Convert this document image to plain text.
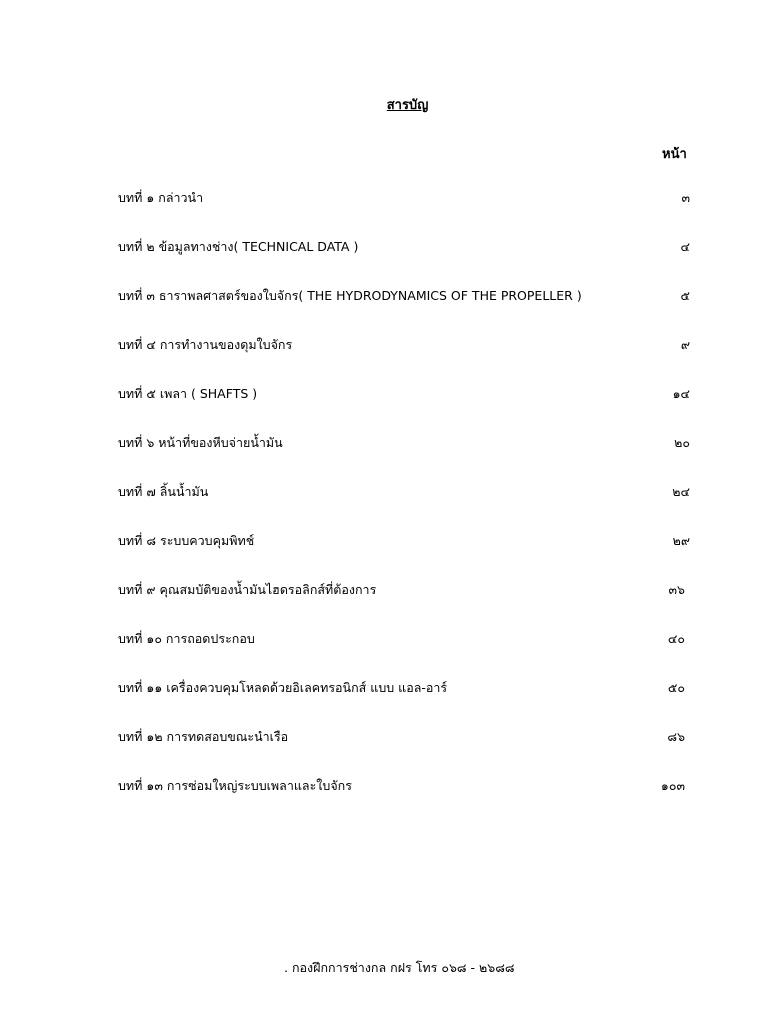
สารบัญ
หน้า
บทที่ ๑ กล่าวนำ	๓
บทที่ ๒ ข้อมูลทางช่าง( TECHNICAL DATA )	๔
บทที่ ๓ ธาราพลศาสตร์ของใบจักร( THE HYDRODYNAMICS OF THE PROPELLER )	๕
บทที่ ๔ การทำงานของดุมใบจักร	๙
บทที่ ๕ เพลา ( SHAFTS )	๑๔
บทที่ ๖ หน้าที่ของหีบจ่ายน้ำมัน	๒๐
บทที่ ๗ ลิ้นน้ำมัน	๒๔
บทที่ ๘ ระบบควบคุมพิทช์	๒๙
บทที่ ๙ คุณสมบัติของน้ำมันไฮดรอลิกส์ที่ต้องการ	๓๖
บทที่ ๑๐ การถอดประกอบ	๔๐
บทที่ ๑๑ เครื่องควบคุมโหลดด้วยอิเลคทรอนิกส์ แบบ แอล-อาร์	๕๐
บทที่ ๑๒ การทดสอบขณะนำเรือ	๘๖
บทที่ ๑๓ การซ่อมใหญ่ระบบเพลาและใบจักร	๑๐๓
. กองฝึกการช่างกล กฝร โทร ๐๖๘ - ๒๖๘๘
